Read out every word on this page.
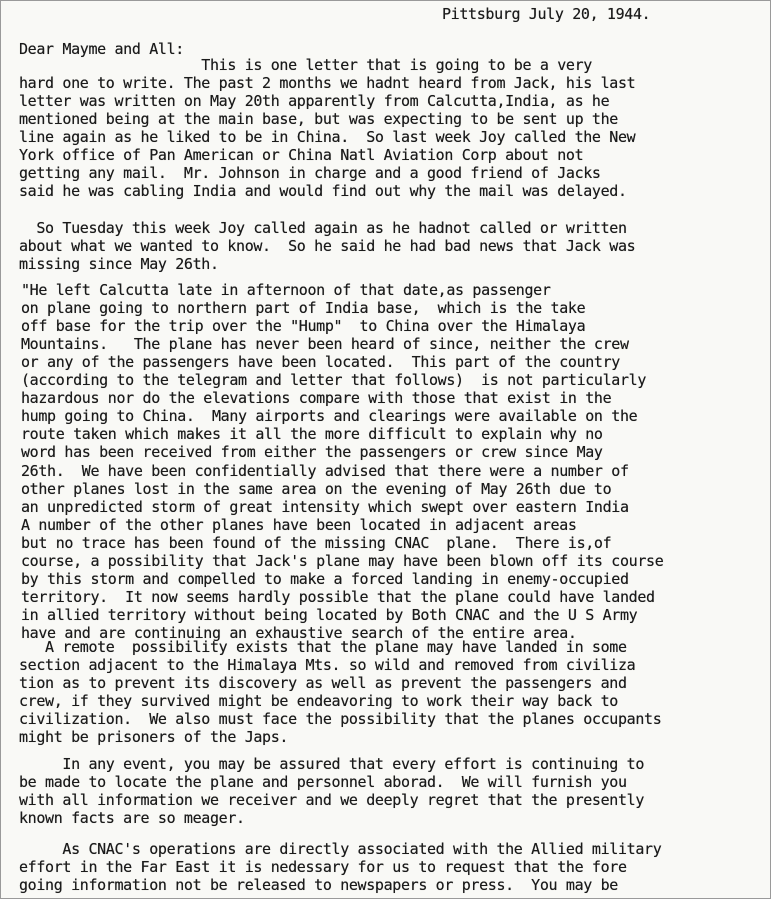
Pittsburg July 20, 1944.
Dear Mayme and All:
This is one letter that is going to be a very
hard one to write. The past 2 months we hadnt heard from Jack, his last
letter was written on May 20th apparently from Calcutta,India, as he
mentioned being at the main base, but was expecting to be sent up the
line again as he liked to be in China.  So last week Joy called the New
York office of Pan American or China Natl Aviation Corp about not
getting any mail.  Mr. Johnson in charge and a good friend of Jacks
said he was cabling India and would find out why the mail was delayed.
So Tuesday this week Joy called again as he hadnot called or written
about what we wanted to know.  So he said he had bad news that Jack was
missing since May 26th.
"He left Calcutta late in afternoon of that date,as passenger
on plane going to northern part of India base,  which is the take
off base for the trip over the "Hump"  to China over the Himalaya
Mountains.   The plane has never been heard of since, neither the crew
or any of the passengers have been located.  This part of the country
(according to the telegram and letter that follows)  is not particularly
hazardous nor do the elevations compare with those that exist in the
hump going to China.  Many airports and clearings were available on the
route taken which makes it all the more difficult to explain why no
word has been received from either the passengers or crew since May
26th.  We have been confidentially advised that there were a number of
other planes lost in the same area on the evening of May 26th due to
an unpredicted storm of great intensity which swept over eastern India
A number of the other planes have been located in adjacent areas
but no trace has been found of the missing CNAC  plane.  There is,of
course, a possibility that Jack's plane may have been blown off its course
by this storm and compelled to make a forced landing in enemy-occupied
territory.  It now seems hardly possible that the plane could have landed
in allied territory without being located by Both CNAC and the U S Army
have and are continuing an exhaustive search of the entire area.
A remote  possibility exists that the plane may have landed in some
section adjacent to the Himalaya Mts. so wild and removed from civiliza
tion as to prevent its discovery as well as prevent the passengers and
crew, if they survived might be endeavoring to work their way back to
civilization.  We also must face the possibility that the planes occupants
might be prisoners of the Japs.
In any event, you may be assured that every effort is continuing to
be made to locate the plane and personnel aborad.  We will furnish you
with all information we receiver and we deeply regret that the presently
known facts are so meager.
As CNAC's operations are directly associated with the Allied military
effort in the Far East it is nedessary for us to request that the fore
going information not be released to newspapers or press.  You may be
